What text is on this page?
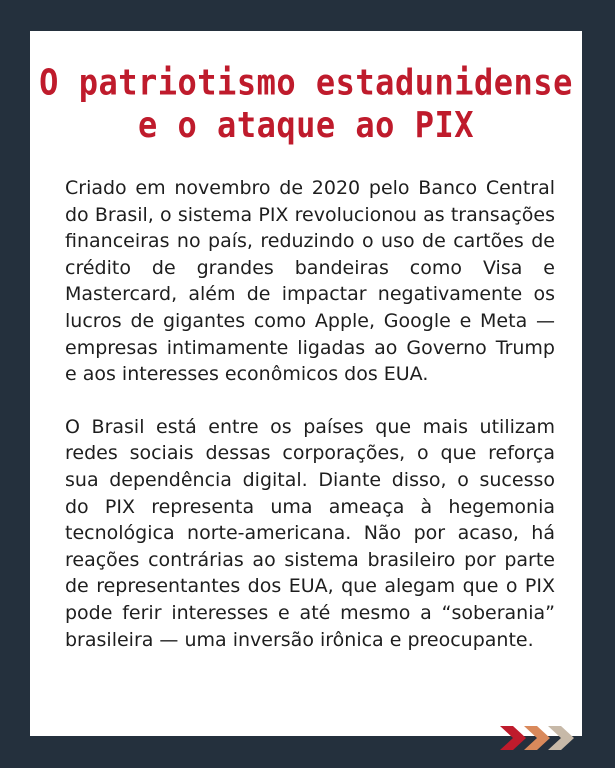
O patriotismo estadunidense
e o ataque ao PIX

Criado em novembro de 2020 pelo Banco Central do Brasil, o sistema PIX revolucionou as transações financeiras no país, reduzindo o uso de cartões de crédito de grandes bandeiras como Visa e Mastercard, além de impactar negativamente os lucros de gigantes como Apple, Google e Meta — empresas intimamente ligadas ao Governo Trump e aos interesses econômicos dos EUA.

O Brasil está entre os países que mais utilizam redes sociais dessas corporações, o que reforça sua dependência digital. Diante disso, o sucesso do PIX representa uma ameaça à hegemonia tecnológica norte-americana. Não por acaso, há reações contrárias ao sistema brasileiro por parte de representantes dos EUA, que alegam que o PIX pode ferir interesses e até mesmo a “soberania” brasileira — uma inversão irônica e preocupante.
